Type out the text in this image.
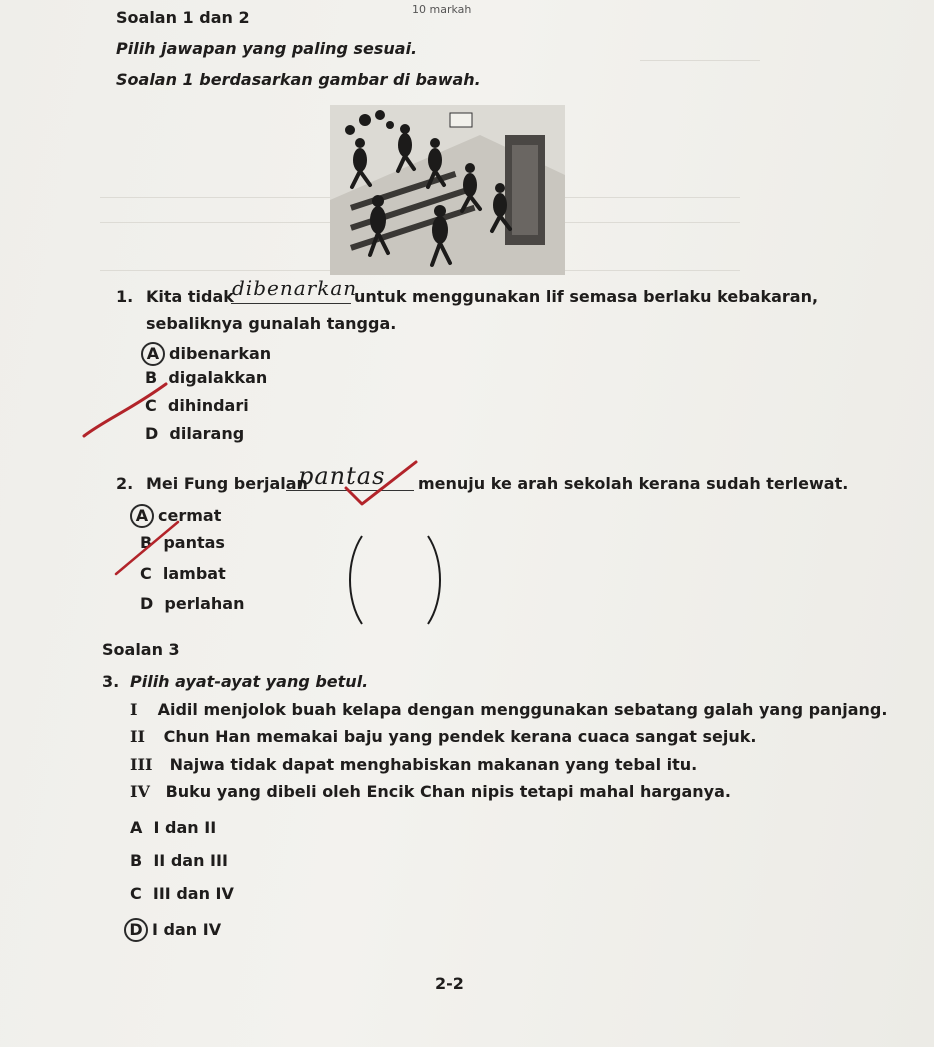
10 markah
Soalan 1 dan 2
Pilih jawapan yang paling sesuai.
Soalan 1 berdasarkan gambar di bawah.
1. Kita tidak
dibenarkan
untuk menggunakan lif semasa berlaku kebakaran,
sebaliknya gunalah tangga.
A dibenarkan
B digalakkan
C dihindari
D dilarang
2. Mei Fung berjalan
pantas menuju ke arah sekolah kerana sudah terlewat.
A cermat
B pantas
C lambat
D perlahan
Soalan 3
3. Pilih ayat-ayat yang betul.
I Aidil menjolok buah kelapa dengan menggunakan sebatang galah yang panjang.
II Chun Han memakai baju yang pendek kerana cuaca sangat sejuk.
III Najwa tidak dapat menghabiskan makanan yang tebal itu.
IV Buku yang dibeli oleh Encik Chan nipis tetapi mahal harganya.
A I dan II
B II dan III
C III dan IV
D I dan IV
2-2
